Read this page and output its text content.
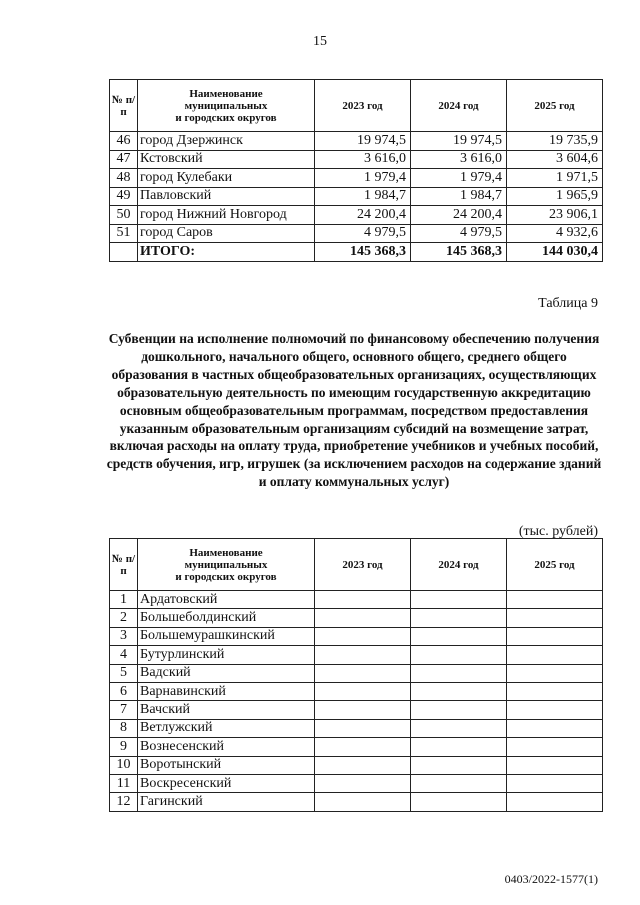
15
№ п/п	Наименование
муниципальных
и городских округов	2023 год	2024 год	2025 год
46	город Дзержинск	19 974,5	19 974,5	19 735,9
47	Кстовский	3 616,0	3 616,0	3 604,6
48	город Кулебаки	1 979,4	1 979,4	1 971,5
49	Павловский	1 984,7	1 984,7	1 965,9
50	город Нижний Новгород	24 200,4	24 200,4	23 906,1
51	город Саров	4 979,5	4 979,5	4 932,6
	ИТОГО:	145 368,3	145 368,3	144 030,4
Таблица 9

Субвенции на исполнение полномочий по финансовому обеспечению получения дошкольного, начального общего, основного общего, среднего общего образования в частных общеобразовательных организациях, осуществляющих образовательную деятельность по имеющим государственную аккредитацию основным общеобразовательным программам, посредством предоставления указанным образовательным организациям субсидий на возмещение затрат, включая расходы на оплату труда, приобретение учебников и учебных пособий, средств обучения, игр, игрушек (за исключением расходов на содержание зданий и оплату коммунальных услуг)

(тыс. рублей)
№ п/п	Наименование
муниципальных
и городских округов	2023 год	2024 год	2025 год
1	Ардатовский			
2	Большеболдинский			
3	Большемурашкинский			
4	Бутурлинский			
5	Вадский			
6	Варнавинский			
7	Вачский			
8	Ветлужский			
9	Вознесенский			
10	Воротынский			
11	Воскресенский			
12	Гагинский			
0403/2022-1577(1)
